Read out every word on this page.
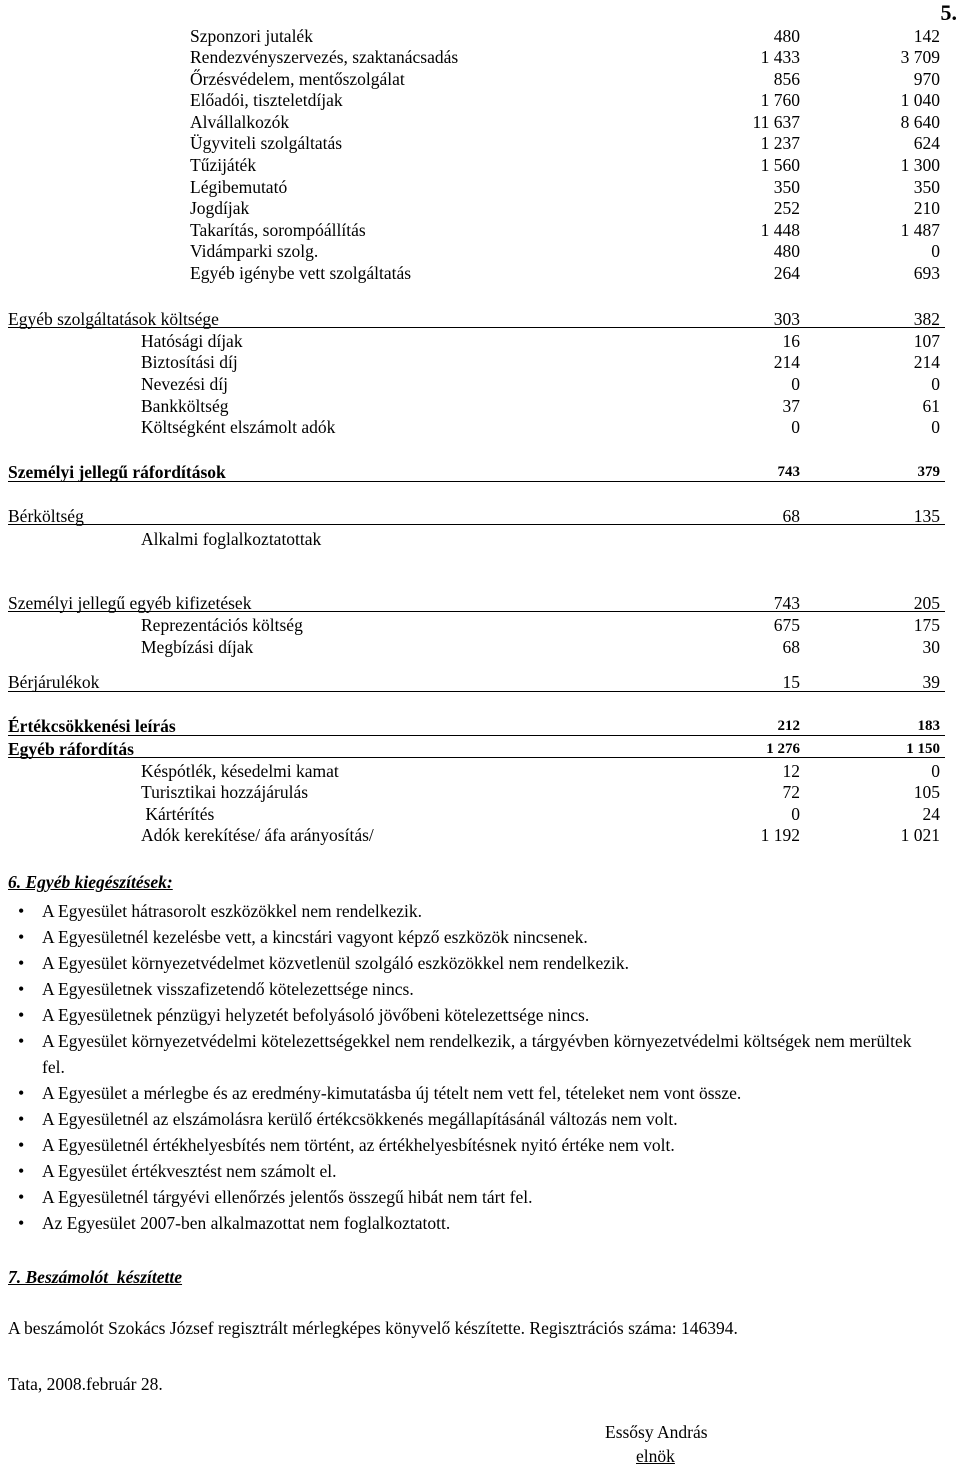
5.
Szponzori jutalék	480	142
Rendezvényszervezés, szaktanácsadás	1 433	3 709
Őrzésvédelem, mentőszolgálat	856	970
Előadói, tiszteletdíjak	1 760	1 040
Alvállalkozók	11 637	8 640
Ügyviteli szolgáltatás	1 237	624
Tűzijáték	1 560	1 300
Légibemutató	350	350
Jogdíjak	252	210
Takarítás, sorompóállítás	1 448	1 487
Vidámparki szolg.	480	0
Egyéb igénybe vett szolgáltatás	264	693
Egyéb szolgáltatások költsége	303	382
Hatósági díjak	16	107
Biztosítási díj	214	214
Nevezési díj	0	0
Bankköltség	37	61
Költségként elszámolt adók	0	0
Személyi jellegű ráfordítások	743	379
Bérköltség	68	135
Alkalmi foglalkoztatottak
Személyi jellegű egyéb kifizetések	743	205
Reprezentációs költség	675	175
Megbízási díjak	68	30
Bérjárulékok	15	39
Értékcsökkenési leírás	212	183
Egyéb ráfordítás	1 276	1 150
Késpótlék, késedelmi kamat	12	0
Turisztikai hozzájárulás	72	105
Kártérítés	0	24
Adók kerekítése/ áfa arányosítás/	1 192	1 021
6. Egyéb kiegészítések:
• A Egyesület hátrasorolt eszközökkel nem rendelkezik.
• A Egyesületnél kezelésbe vett, a kincstári vagyont képző eszközök nincsenek.
• A Egyesület környezetvédelmet közvetlenül szolgáló eszközökkel nem rendelkezik.
• A Egyesületnek visszafizetendő kötelezettsége nincs.
• A Egyesületnek pénzügyi helyzetét befolyásoló jövőbeni kötelezettsége nincs.
• A Egyesület környezetvédelmi kötelezettségekkel nem rendelkezik, a tárgyévben környezetvédelmi költségek nem merültek fel.
• A Egyesület a mérlegbe és az eredmény-kimutatásba új tételt nem vett fel, tételeket nem vont össze.
• A Egyesületnél az elszámolásra kerülő értékcsökkenés megállapításánál változás nem volt.
• A Egyesületnél értékhelyesbítés nem történt, az értékhelyesbítésnek nyitó értéke nem volt.
• A Egyesület értékvesztést nem számolt el.
• A Egyesületnél tárgyévi ellenőrzés jelentős összegű hibát nem tárt fel.
• Az Egyesület 2007-ben alkalmazottat nem foglalkoztatott.
7. Beszámolót  készítette
A beszámolót Szokács József regisztrált mérlegképes könyvelő készítette. Regisztrációs száma: 146394.
Tata, 2008.február 28.
Essősy András
elnök
